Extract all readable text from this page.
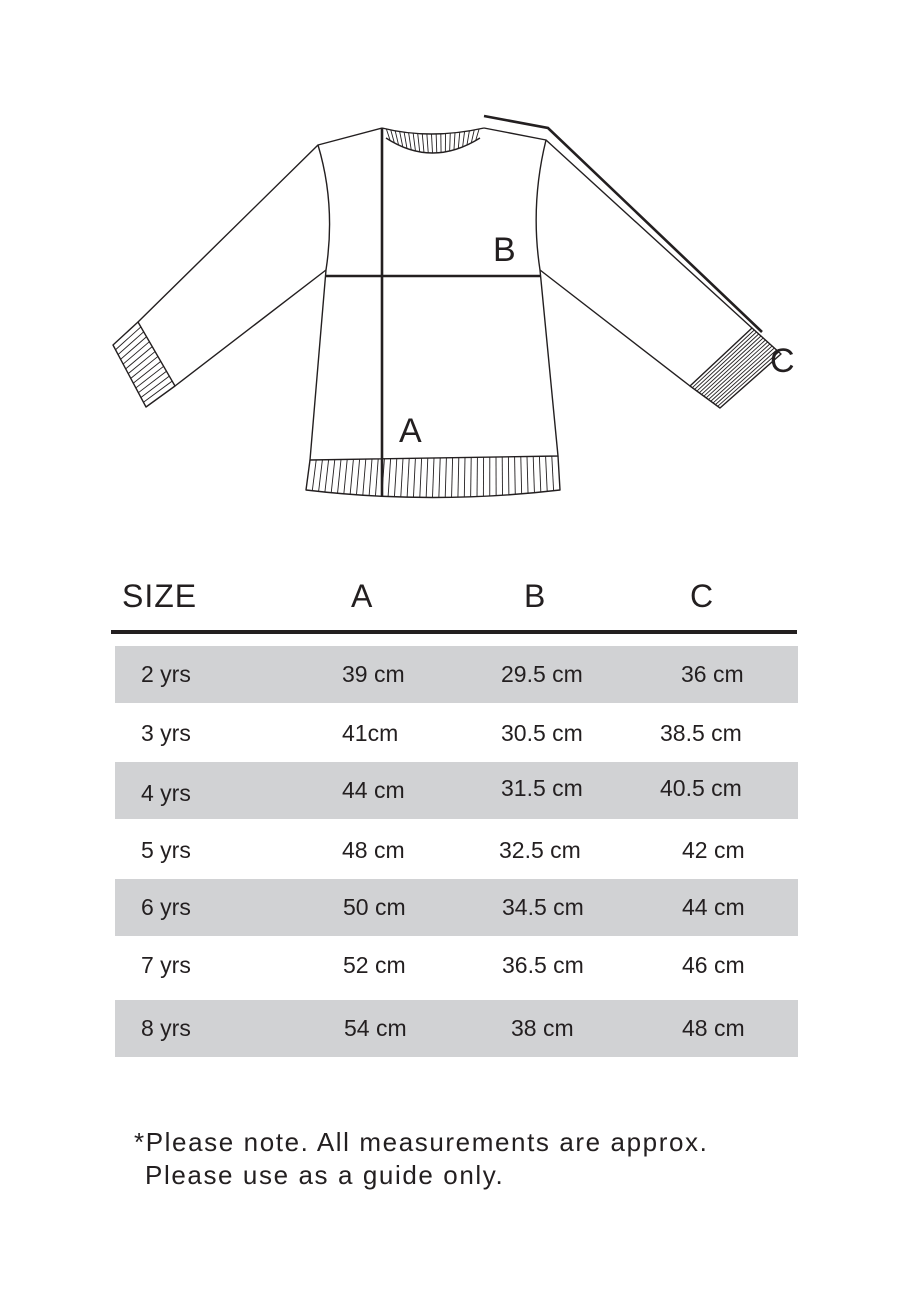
A
B
C
SIZE	A	B	C
2 yrs	39 cm	29.5 cm	36 cm
3 yrs	41cm	30.5 cm	38.5 cm
4 yrs	44 cm	31.5 cm	40.5 cm
5 yrs	48 cm	32.5 cm	42 cm
6 yrs	50 cm	34.5 cm	44 cm
7 yrs	52 cm	36.5 cm	46 cm
8 yrs	54 cm	38 cm	48 cm
*Please note. All measurements are approx.
Please use as a guide only.
